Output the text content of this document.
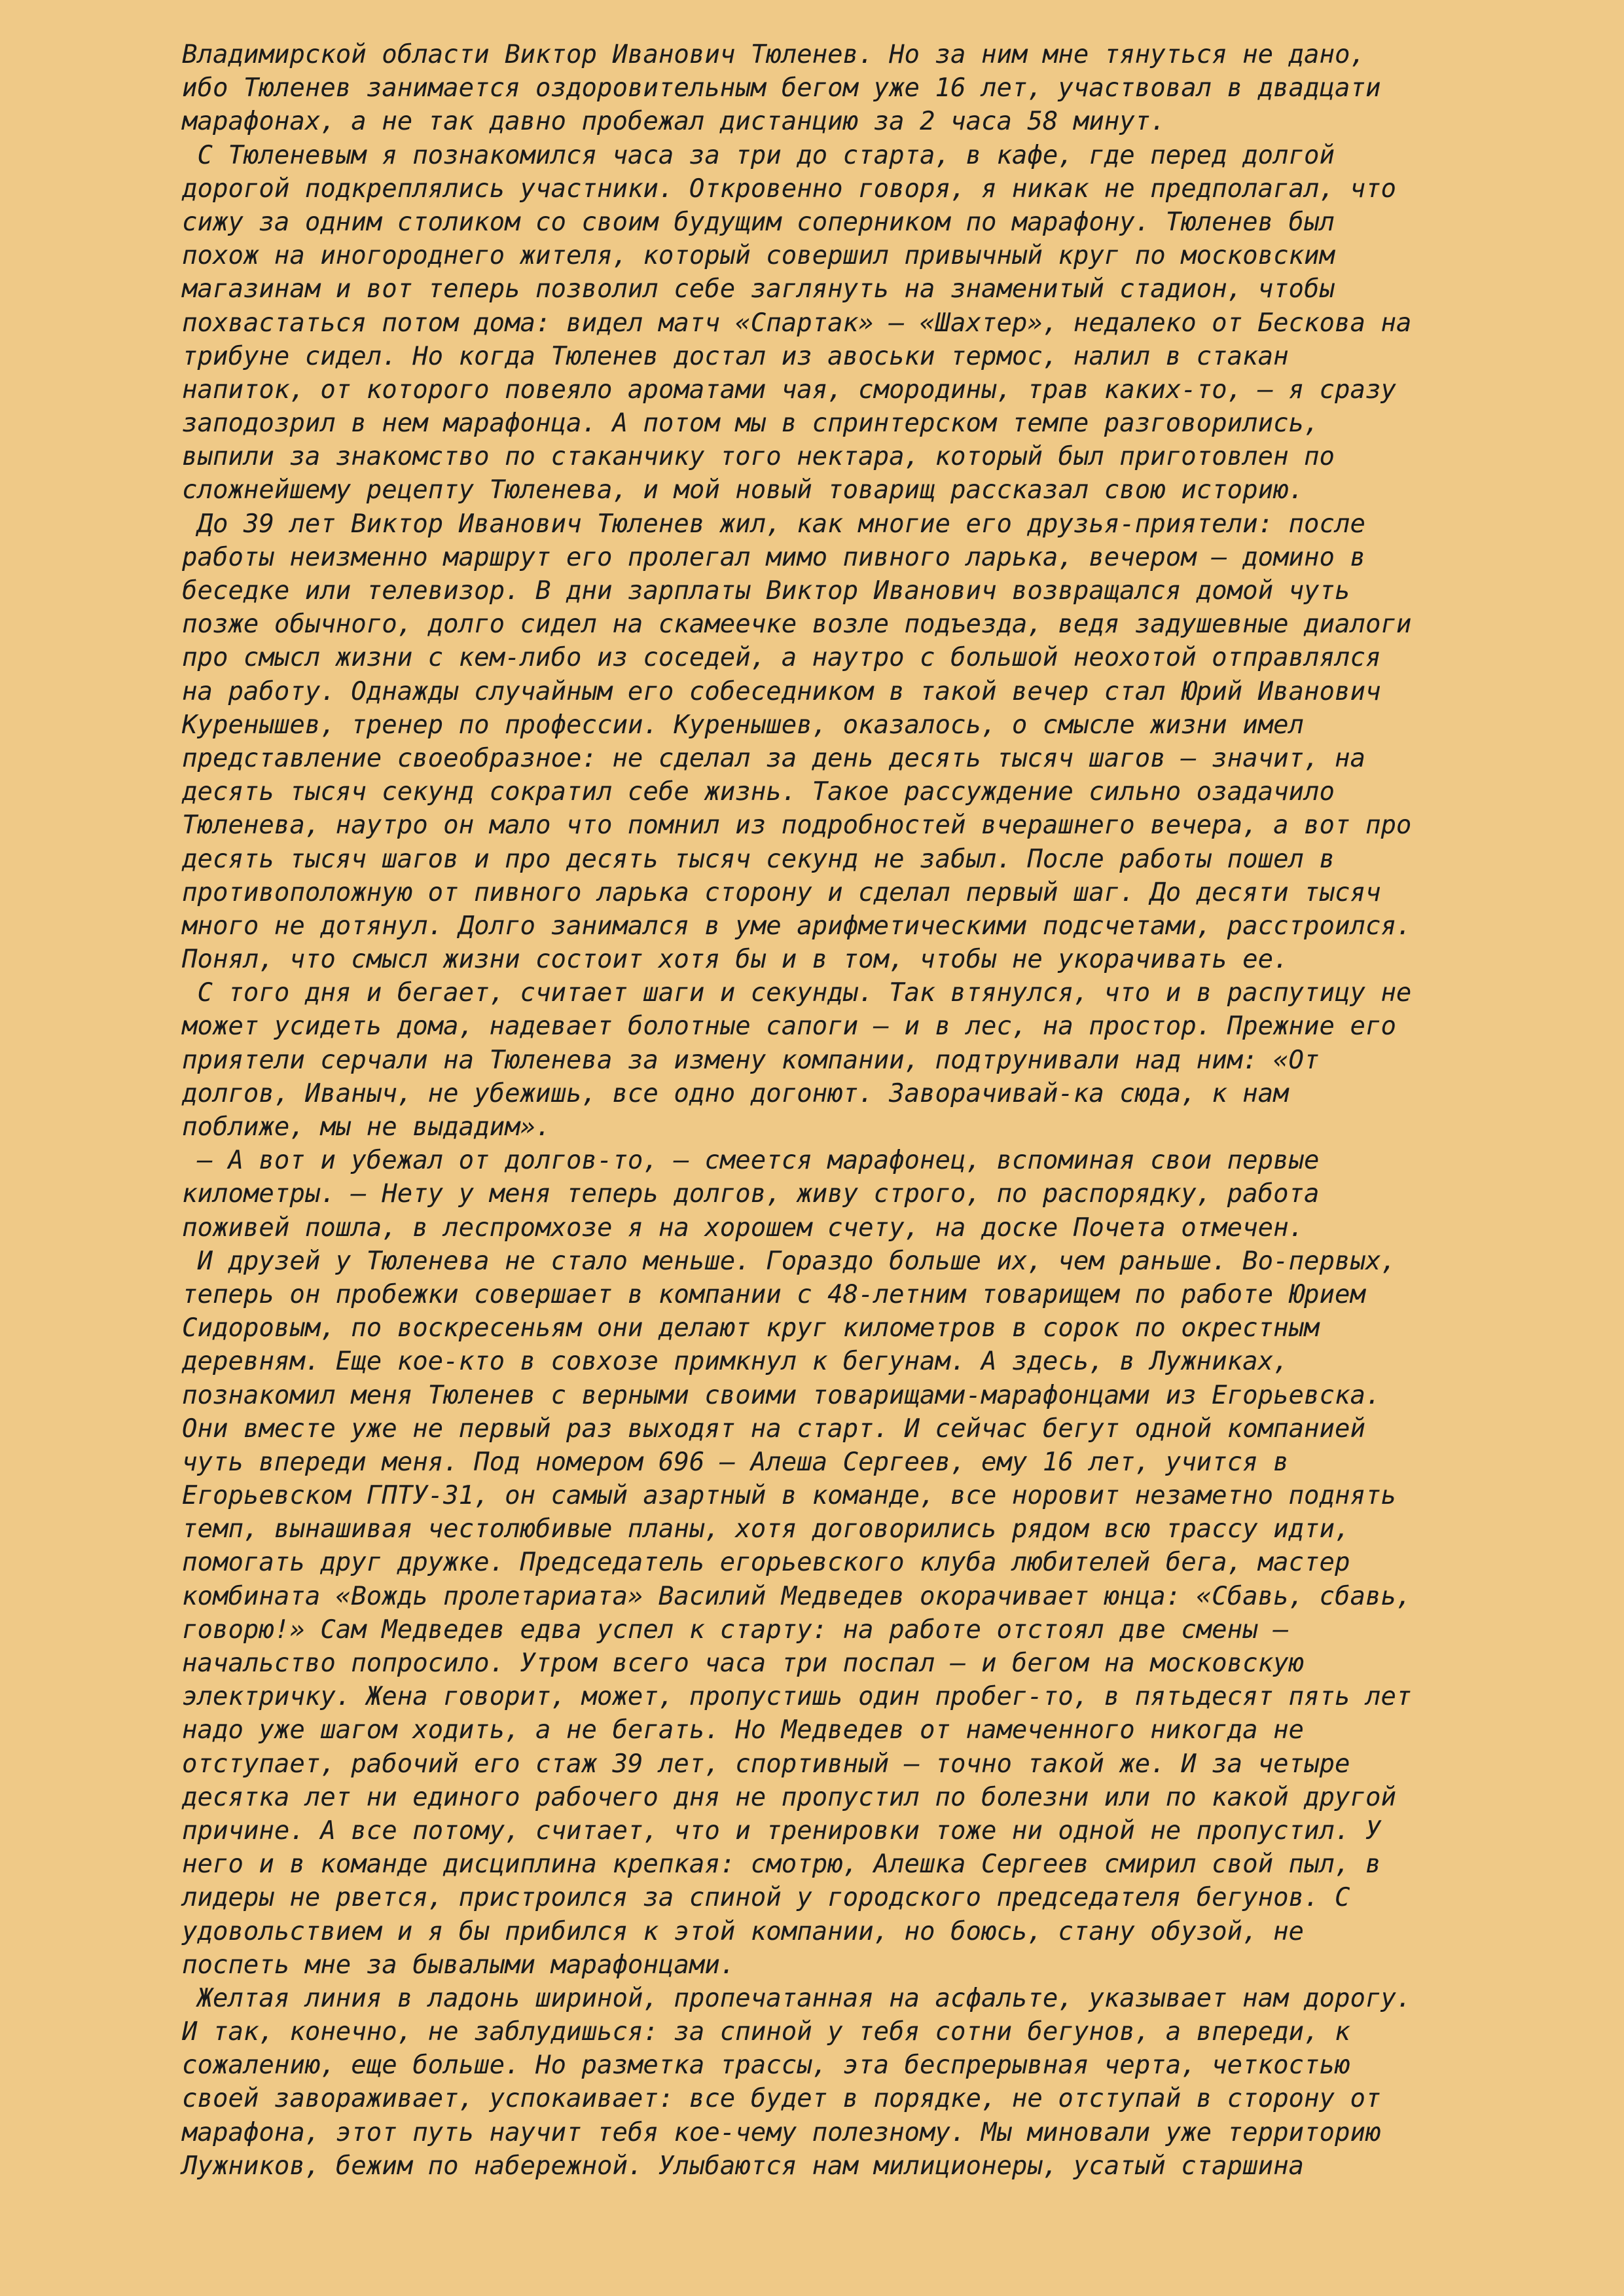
Владимирской области Виктор Иванович Тюленев. Но за ним мне тянуться не дано,
ибо Тюленев занимается оздоровительным бегом уже 16 лет, участвовал в двадцати
марафонах, а не так давно пробежал дистанцию за 2 часа 58 минут.
С Тюленевым я познакомился часа за три до старта, в кафе, где перед долгой
дорогой подкреплялись участники. Откровенно говоря, я никак не предполагал, что
сижу за одним столиком со своим будущим соперником по марафону. Тюленев был
похож на иногороднего жителя, который совершил привычный круг по московским
магазинам и вот теперь позволил себе заглянуть на знаменитый стадион, чтобы
похвастаться потом дома: видел матч «Спартак» – «Шахтер», недалеко от Бескова на
трибуне сидел. Но когда Тюленев достал из авоськи термос, налил в стакан
напиток, от которого повеяло ароматами чая, смородины, трав каких-то, – я сразу
заподозрил в нем марафонца. А потом мы в спринтерском темпе разговорились,
выпили за знакомство по стаканчику того нектара, который был приготовлен по
сложнейшему рецепту Тюленева, и мой новый товарищ рассказал свою историю.
До 39 лет Виктор Иванович Тюленев жил, как многие его друзья-приятели: после
работы неизменно маршрут его пролегал мимо пивного ларька, вечером – домино в
беседке или телевизор. В дни зарплаты Виктор Иванович возвращался домой чуть
позже обычного, долго сидел на скамеечке возле подъезда, ведя задушевные диалоги
про смысл жизни с кем-либо из соседей, а наутро с большой неохотой отправлялся
на работу. Однажды случайным его собеседником в такой вечер стал Юрий Иванович
Куренышев, тренер по профессии. Куренышев, оказалось, о смысле жизни имел
представление своеобразное: не сделал за день десять тысяч шагов – значит, на
десять тысяч секунд сократил себе жизнь. Такое рассуждение сильно озадачило
Тюленева, наутро он мало что помнил из подробностей вчерашнего вечера, а вот про
десять тысяч шагов и про десять тысяч секунд не забыл. После работы пошел в
противоположную от пивного ларька сторону и сделал первый шаг. До десяти тысяч
много не дотянул. Долго занимался в уме арифметическими подсчетами, расстроился.
Понял, что смысл жизни состоит хотя бы и в том, чтобы не укорачивать ее.
С того дня и бегает, считает шаги и секунды. Так втянулся, что и в распутицу не
может усидеть дома, надевает болотные сапоги – и в лес, на простор. Прежние его
приятели серчали на Тюленева за измену компании, подтрунивали над ним: «От
долгов, Иваныч, не убежишь, все одно догонют. Заворачивай-ка сюда, к нам
поближе, мы не выдадим».
– А вот и убежал от долгов-то, – смеется марафонец, вспоминая свои первые
километры. – Нету у меня теперь долгов, живу строго, по распорядку, работа
поживей пошла, в леспромхозе я на хорошем счету, на доске Почета отмечен.
И друзей у Тюленева не стало меньше. Гораздо больше их, чем раньше. Во-первых,
теперь он пробежки совершает в компании с 48-летним товарищем по работе Юрием
Сидоровым, по воскресеньям они делают круг километров в сорок по окрестным
деревням. Еще кое-кто в совхозе примкнул к бегунам. А здесь, в Лужниках,
познакомил меня Тюленев с верными своими товарищами-марафонцами из Егорьевска.
Они вместе уже не первый раз выходят на старт. И сейчас бегут одной компанией
чуть впереди меня. Под номером 696 – Алеша Сергеев, ему 16 лет, учится в
Егорьевском ГПТУ-31, он самый азартный в команде, все норовит незаметно поднять
темп, вынашивая честолюбивые планы, хотя договорились рядом всю трассу идти,
помогать друг дружке. Председатель егорьевского клуба любителей бега, мастер
комбината «Вождь пролетариата» Василий Медведев окорачивает юнца: «Сбавь, сбавь,
говорю!» Сам Медведев едва успел к старту: на работе отстоял две смены –
начальство попросило. Утром всего часа три поспал – и бегом на московскую
электричку. Жена говорит, может, пропустишь один пробег-то, в пятьдесят пять лет
надо уже шагом ходить, а не бегать. Но Медведев от намеченного никогда не
отступает, рабочий его стаж 39 лет, спортивный – точно такой же. И за четыре
десятка лет ни единого рабочего дня не пропустил по болезни или по какой другой
причине. А все потому, считает, что и тренировки тоже ни одной не пропустил. У
него и в команде дисциплина крепкая: смотрю, Алешка Сергеев смирил свой пыл, в
лидеры не рвется, пристроился за спиной у городского председателя бегунов. С
удовольствием и я бы прибился к этой компании, но боюсь, стану обузой, не
поспеть мне за бывалыми марафонцами.
Желтая линия в ладонь шириной, пропечатанная на асфальте, указывает нам дорогу.
И так, конечно, не заблудишься: за спиной у тебя сотни бегунов, а впереди, к
сожалению, еще больше. Но разметка трассы, эта беспрерывная черта, четкостью
своей завораживает, успокаивает: все будет в порядке, не отступай в сторону от
марафона, этот путь научит тебя кое-чему полезному. Мы миновали уже территорию
Лужников, бежим по набережной. Улыбаются нам милиционеры, усатый старшина
